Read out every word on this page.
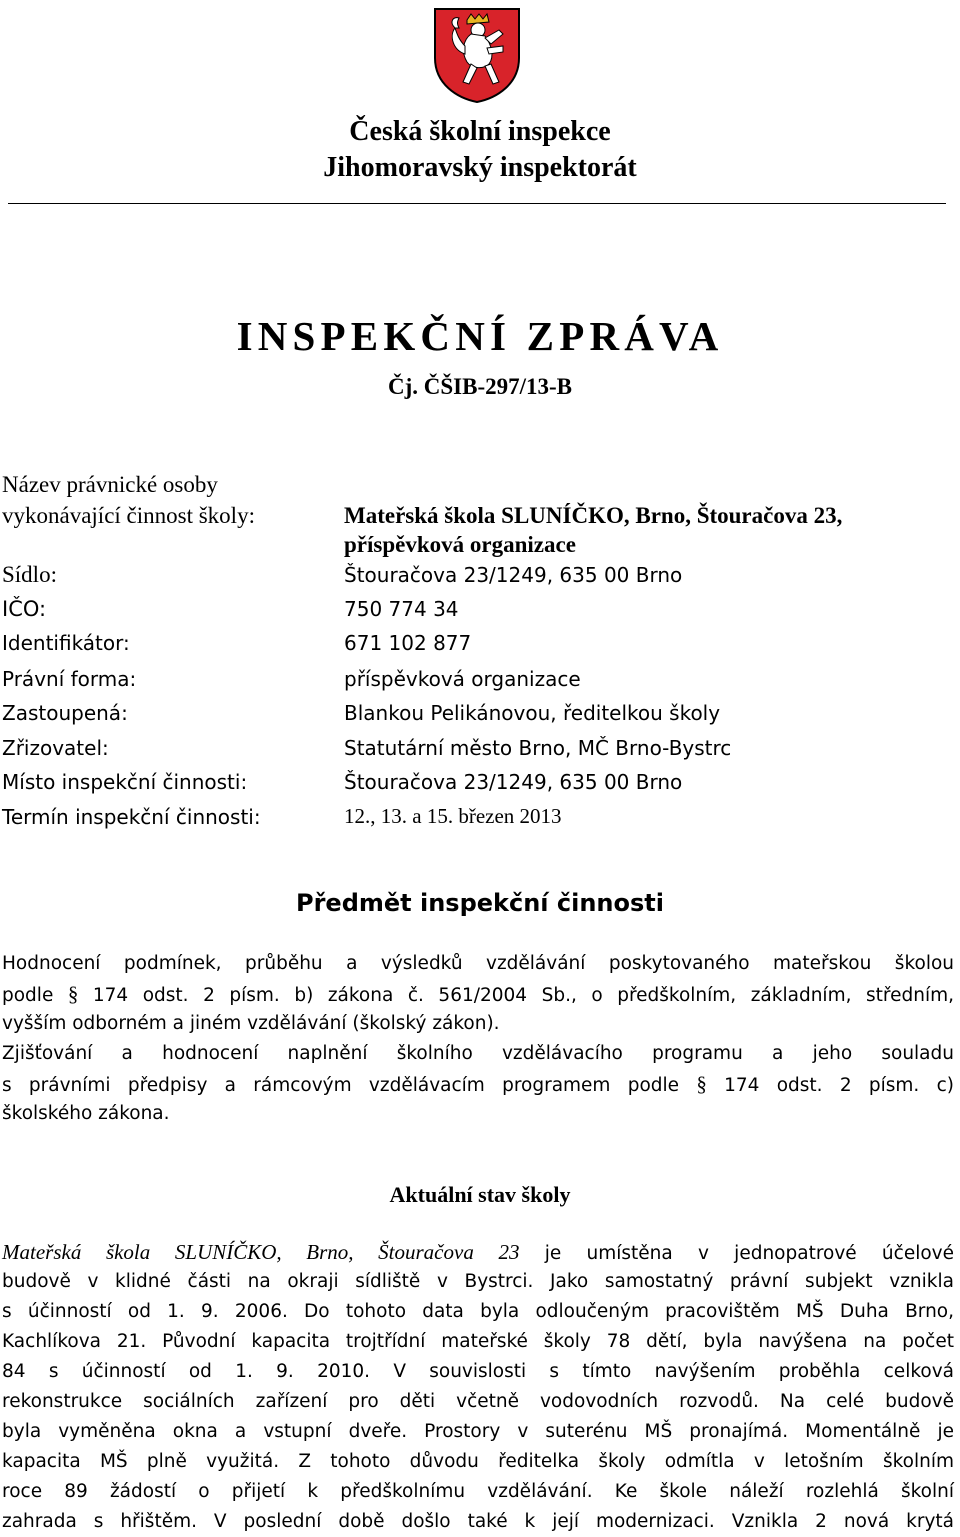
Česká školní inspekce
Jihomoravský inspektorát
INSPEKČNÍ ZPRÁVA
Čj. ČŠIB-297/13-B
Název právnické osoby
vykonávající činnost školy:	Mateřská škola SLUNÍČKO, Brno, Štouračova 23,
příspěvková organizace
Sídlo:	Štouračova 23/1249, 635 00 Brno
IČO:	750 774 34
Identifikátor:	671 102 877
Právní forma:	příspěvková organizace
Zastoupená:	Blankou Pelikánovou, ředitelkou školy
Zřizovatel:	Statutární město Brno, MČ Brno-Bystrc
Místo inspekční činnosti:	Štouračova 23/1249, 635 00 Brno
Termín inspekční činnosti:	12., 13. a 15. březen 2013
Předmět inspekční činnosti
Hodnocení podmínek, průběhu a výsledků vzdělávání poskytovaného mateřskou školou
podle § 174 odst. 2 písm. b) zákona č. 561/2004 Sb., o předškolním, základním, středním,
vyšším odborném a jiném vzdělávání (školský zákon).
Zjišťování a hodnocení naplnění školního vzdělávacího programu a jeho souladu
s právními předpisy a rámcovým vzdělávacím programem podle § 174 odst. 2 písm. c)
školského zákona.
Aktuální stav školy
Mateřská škola SLUNÍČKO, Brno, Štouračova 23 je umístěna v jednopatrové účelové
budově v klidné části na okraji sídliště v Bystrci. Jako samostatný právní subjekt vznikla
s účinností od 1. 9. 2006. Do tohoto data byla odloučeným pracovištěm MŠ Duha Brno,
Kachlíkova 21. Původní kapacita trojtřídní mateřské školy 78 dětí, byla navýšena na počet
84 s účinností od 1. 9. 2010. V souvislosti s tímto navýšením proběhla celková
rekonstrukce sociálních zařízení pro děti včetně vodovodních rozvodů. Na celé budově
byla vyměněna okna a vstupní dveře. Prostory v suterénu MŠ pronajímá. Momentálně je
kapacita MŠ plně využitá. Z tohoto důvodu ředitelka školy odmítla v letošním školním
roce 89 žádostí o přijetí k předškolnímu vzdělávání. Ke škole náleží rozlehlá školní
zahrada s hřištěm. V poslední době došlo také k její modernizaci. Vznikla 2 nová krytá
